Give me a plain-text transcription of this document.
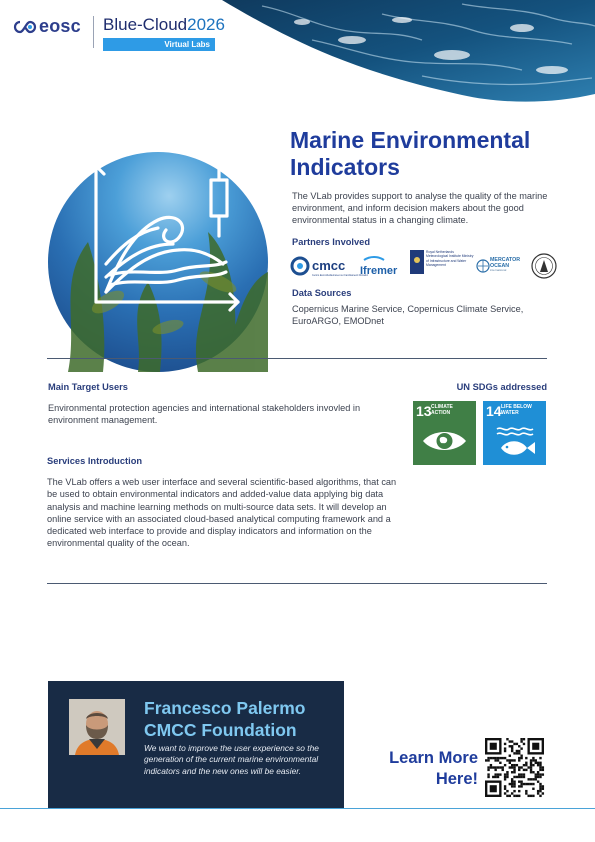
eosc Blue-Cloud2026
Virtual Labs
Marine Environmental Indicators
The VLab provides support to analyse the quality of the marine environment, and inform decision makers about the good environmental status in a changing climate.
Partners Involved
cmcc
Centro Euro-Mediterraneo sui Cambiamenti Climatici
Ifremer
Royal Netherlands Meteorological Institute Ministry of Infrastructure and Water Management
MERCATOR OCEAN
international
Data Sources
Copernicus Marine Service, Copernicus Climate Service, EuroARGO, EMODnet
Main Target Users
Environmental protection agencies and international stakeholders invovled in environment management.
Services Introduction
The VLab offers a web user interface and several scientific-based algorithms, that can be used to obtain environmental indicators and added-value data applying big data analysis and machine learning methods on multi-source data sets. It will develop an online service with an associated cloud-based analytical computing framework and a dedicated web interface to provide and display indicators and information on the environmental quality of the ocean.
UN SDGs addressed
13 CLIMATE ACTION	14 LIFE BELOW WATER
Francesco Palermo
CMCC Foundation
We want to improve the user experience so the generation of the current marine environmental indicators and the new ones will be easier.
Learn More
Here!
